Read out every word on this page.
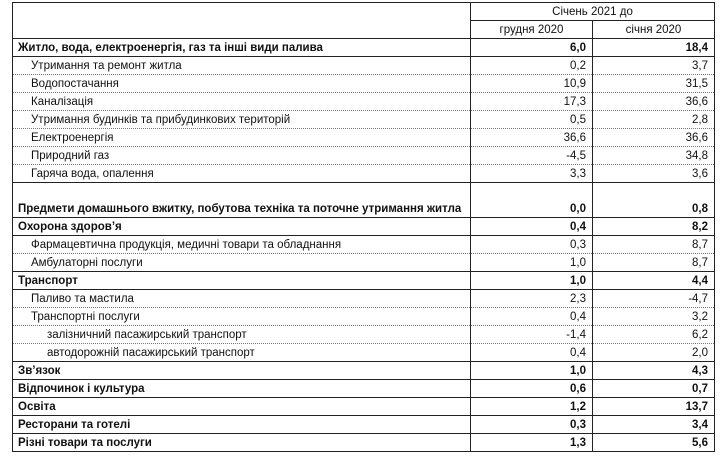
	Січень 2021 до	
	грудня 2020	січня 2020
Житло, вода, електроенергія, газ та інші види палива	6,0	18,4
Утримання та ремонт житла	0,2	3,7
Водопостачання	10,9	31,5
Каналізація	17,3	36,6
Утримання будинків та прибудинкових територій	0,5	2,8
Електроенергія	36,6	36,6
Природний газ	-4,5	34,8
Гаряча вода, опалення	3,3	3,6
Предмети домашнього вжитку, побутова техніка та поточне утримання житла	0,0	0,8
Охорона здоров’я	0,4	8,2
Фармацевтична продукція, медичні товари та обладнання	0,3	8,7
Амбулаторні послуги	1,0	8,7
Транспорт	1,0	4,4
Паливо та мастила	2,3	-4,7
Транспортні послуги	0,4	3,2
залізничний пасажирський транспорт	-1,4	6,2
автодорожній пасажирський транспорт	0,4	2,0
Зв’язок	1,0	4,3
Відпочинок і культура	0,6	0,7
Освіта	1,2	13,7
Ресторани та готелі	0,3	3,4
Різні товари та послуги	1,3	5,6
